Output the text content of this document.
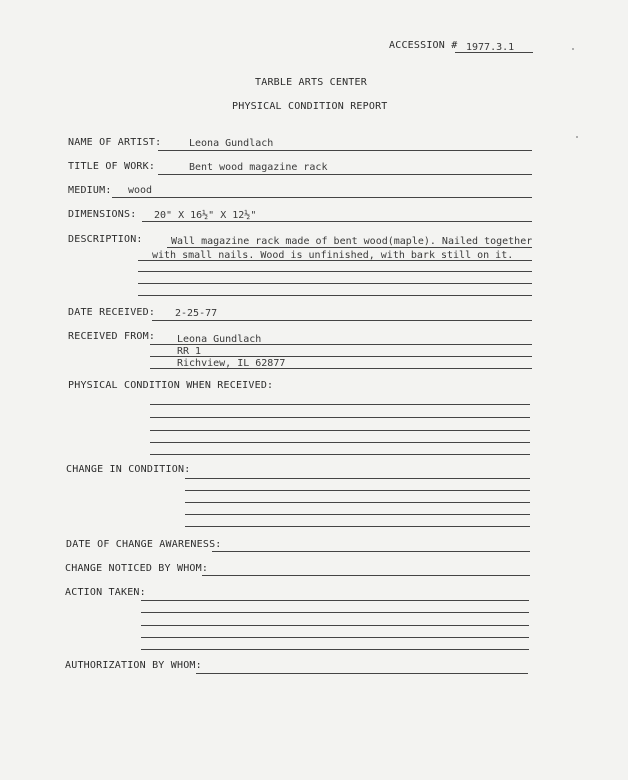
ACCESSION # 1977.3.1
TARBLE ARTS CENTER
PHYSICAL CONDITION REPORT
NAME OF ARTIST:	Leona Gundlach
TITLE OF WORK:	Bent wood magazine rack
MEDIUM: wood
DIMENSIONS: 20" X 16½" X 12½"
DESCRIPTION:	Wall magazine rack made of bent wood(maple). Nailed together
with small nails. Wood is unfinished, with bark still on it.
DATE RECEIVED: 2-25-77
RECEIVED FROM: Leona Gundlach
RR 1
Richview, IL 62877
PHYSICAL CONDITION WHEN RECEIVED:
CHANGE IN CONDITION:
DATE OF CHANGE AWARENESS:
CHANGE NOTICED BY WHOM:
ACTION TAKEN:
AUTHORIZATION BY WHOM:
